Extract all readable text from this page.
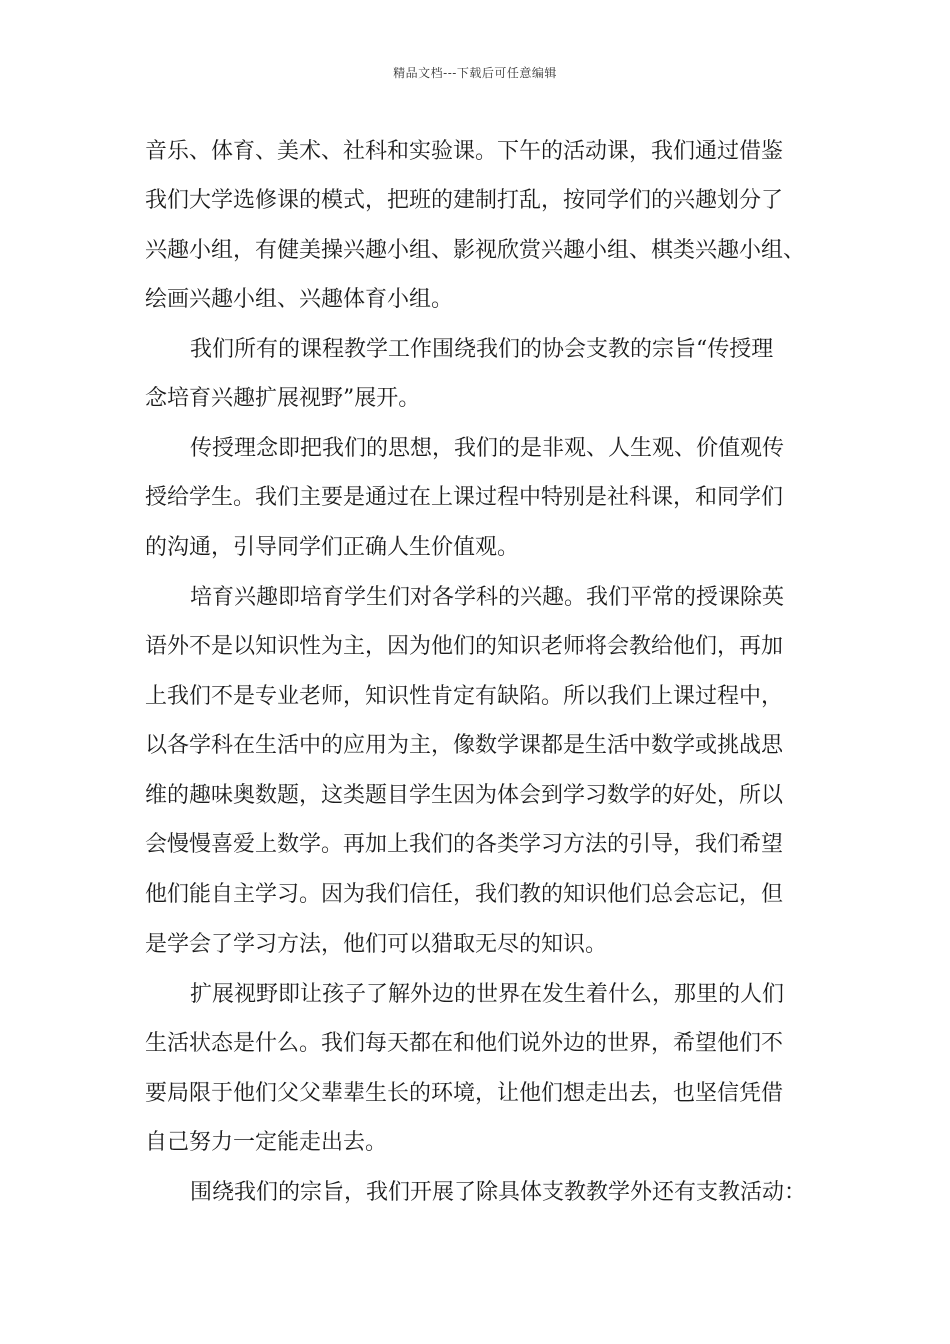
精品文档---下载后可任意编辑
音乐、体育、美术、社科和实验课。下午的活动课，我们通过借鉴
我们大学选修课的模式，把班的建制打乱，按同学们的兴趣划分了
兴趣小组，有健美操兴趣小组、影视欣赏兴趣小组、棋类兴趣小组、
绘画兴趣小组、兴趣体育小组。
我们所有的课程教学工作围绕我们的协会支教的宗旨“传授理
念培育兴趣扩展视野”展开。
传授理念即把我们的思想，我们的是非观、人生观、价值观传
授给学生。我们主要是通过在上课过程中特别是社科课，和同学们
的沟通，引导同学们正确人生价值观。
培育兴趣即培育学生们对各学科的兴趣。我们平常的授课除英
语外不是以知识性为主，因为他们的知识老师将会教给他们，再加
上我们不是专业老师，知识性肯定有缺陷。所以我们上课过程中，
以各学科在生活中的应用为主，像数学课都是生活中数学或挑战思
维的趣味奥数题，这类题目学生因为体会到学习数学的好处，所以
会慢慢喜爱上数学。再加上我们的各类学习方法的引导，我们希望
他们能自主学习。因为我们信任，我们教的知识他们总会忘记，但
是学会了学习方法，他们可以猎取无尽的知识。
扩展视野即让孩子了解外边的世界在发生着什么，那里的人们
生活状态是什么。我们每天都在和他们说外边的世界，希望他们不
要局限于他们父父辈辈生长的环境，让他们想走出去，也坚信凭借
自己努力一定能走出去。
围绕我们的宗旨，我们开展了除具体支教教学外还有支教活动：
